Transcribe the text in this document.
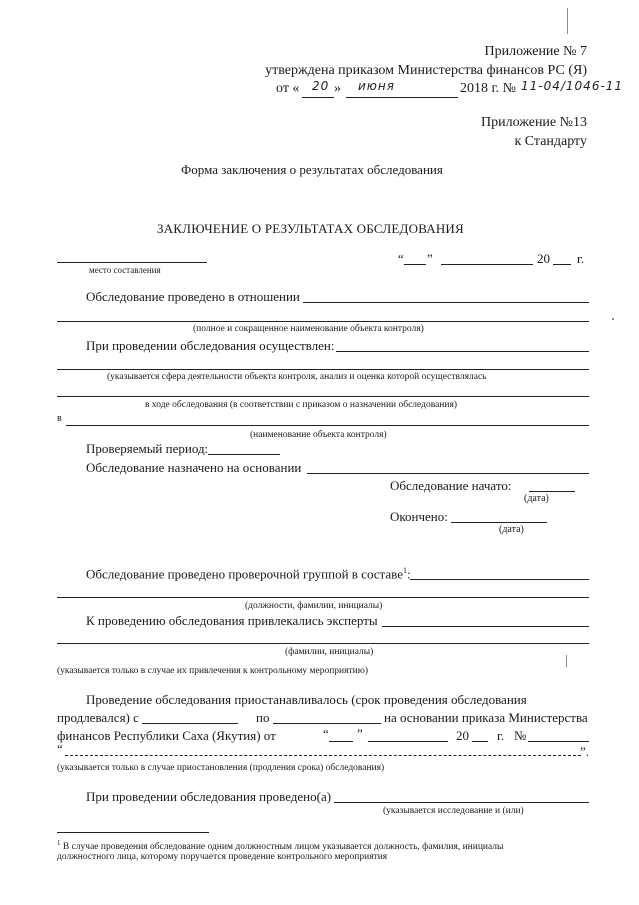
Приложение № 7
утверждена приказом Министерства финансов РС (Я)
от « 20 » июня	2018 г. № 11-04/1046-11
Приложение №13
к Стандарту
Форма заключения о результатах обследования
ЗАКЛЮЧЕНИЕ О РЕЗУЛЬТАТАХ ОБСЛЕДОВАНИЯ
место составления
“ ”	20 г.
Обследование проведено в отношении
(полное и сокращенное наименование объекта контроля)
При проведении обследования осуществлен:
(указывается сфера деятельности объекта контроля, анализ и оценка которой осуществлялась
в ходе обследования (в соответствии с приказом о назначении обследования)
в
(наименование объекта контроля)
Проверяемый период:
Обследование назначено на основании
Обследование начато:
(дата)
Окончено:
(дата)
Обследование проведено проверочной группой в составе$^1$:
(должности, фамилии, инициалы)
К проведению обследования привлекались эксперты
(фамилии, инициалы)
(указывается только в случае их привлечения к контрольному мероприятию)
Проведение обследования приостанавливалось (срок проведения обследования
продлевался) с	по	на основании приказа Министерства
финансов Республики Саха (Якутия) от	“ ”	20 г. №
“	”.
(указывается только в случае приостановления (продления срока) обследования)
При проведении обследования проведено(а)
(указывается исследование и (или)
$^1$ В случае проведения обследование одним должностным лицом указывается должность, фамилия, инициалы
должностного лица, которому поручается проведение контрольного мероприятия
